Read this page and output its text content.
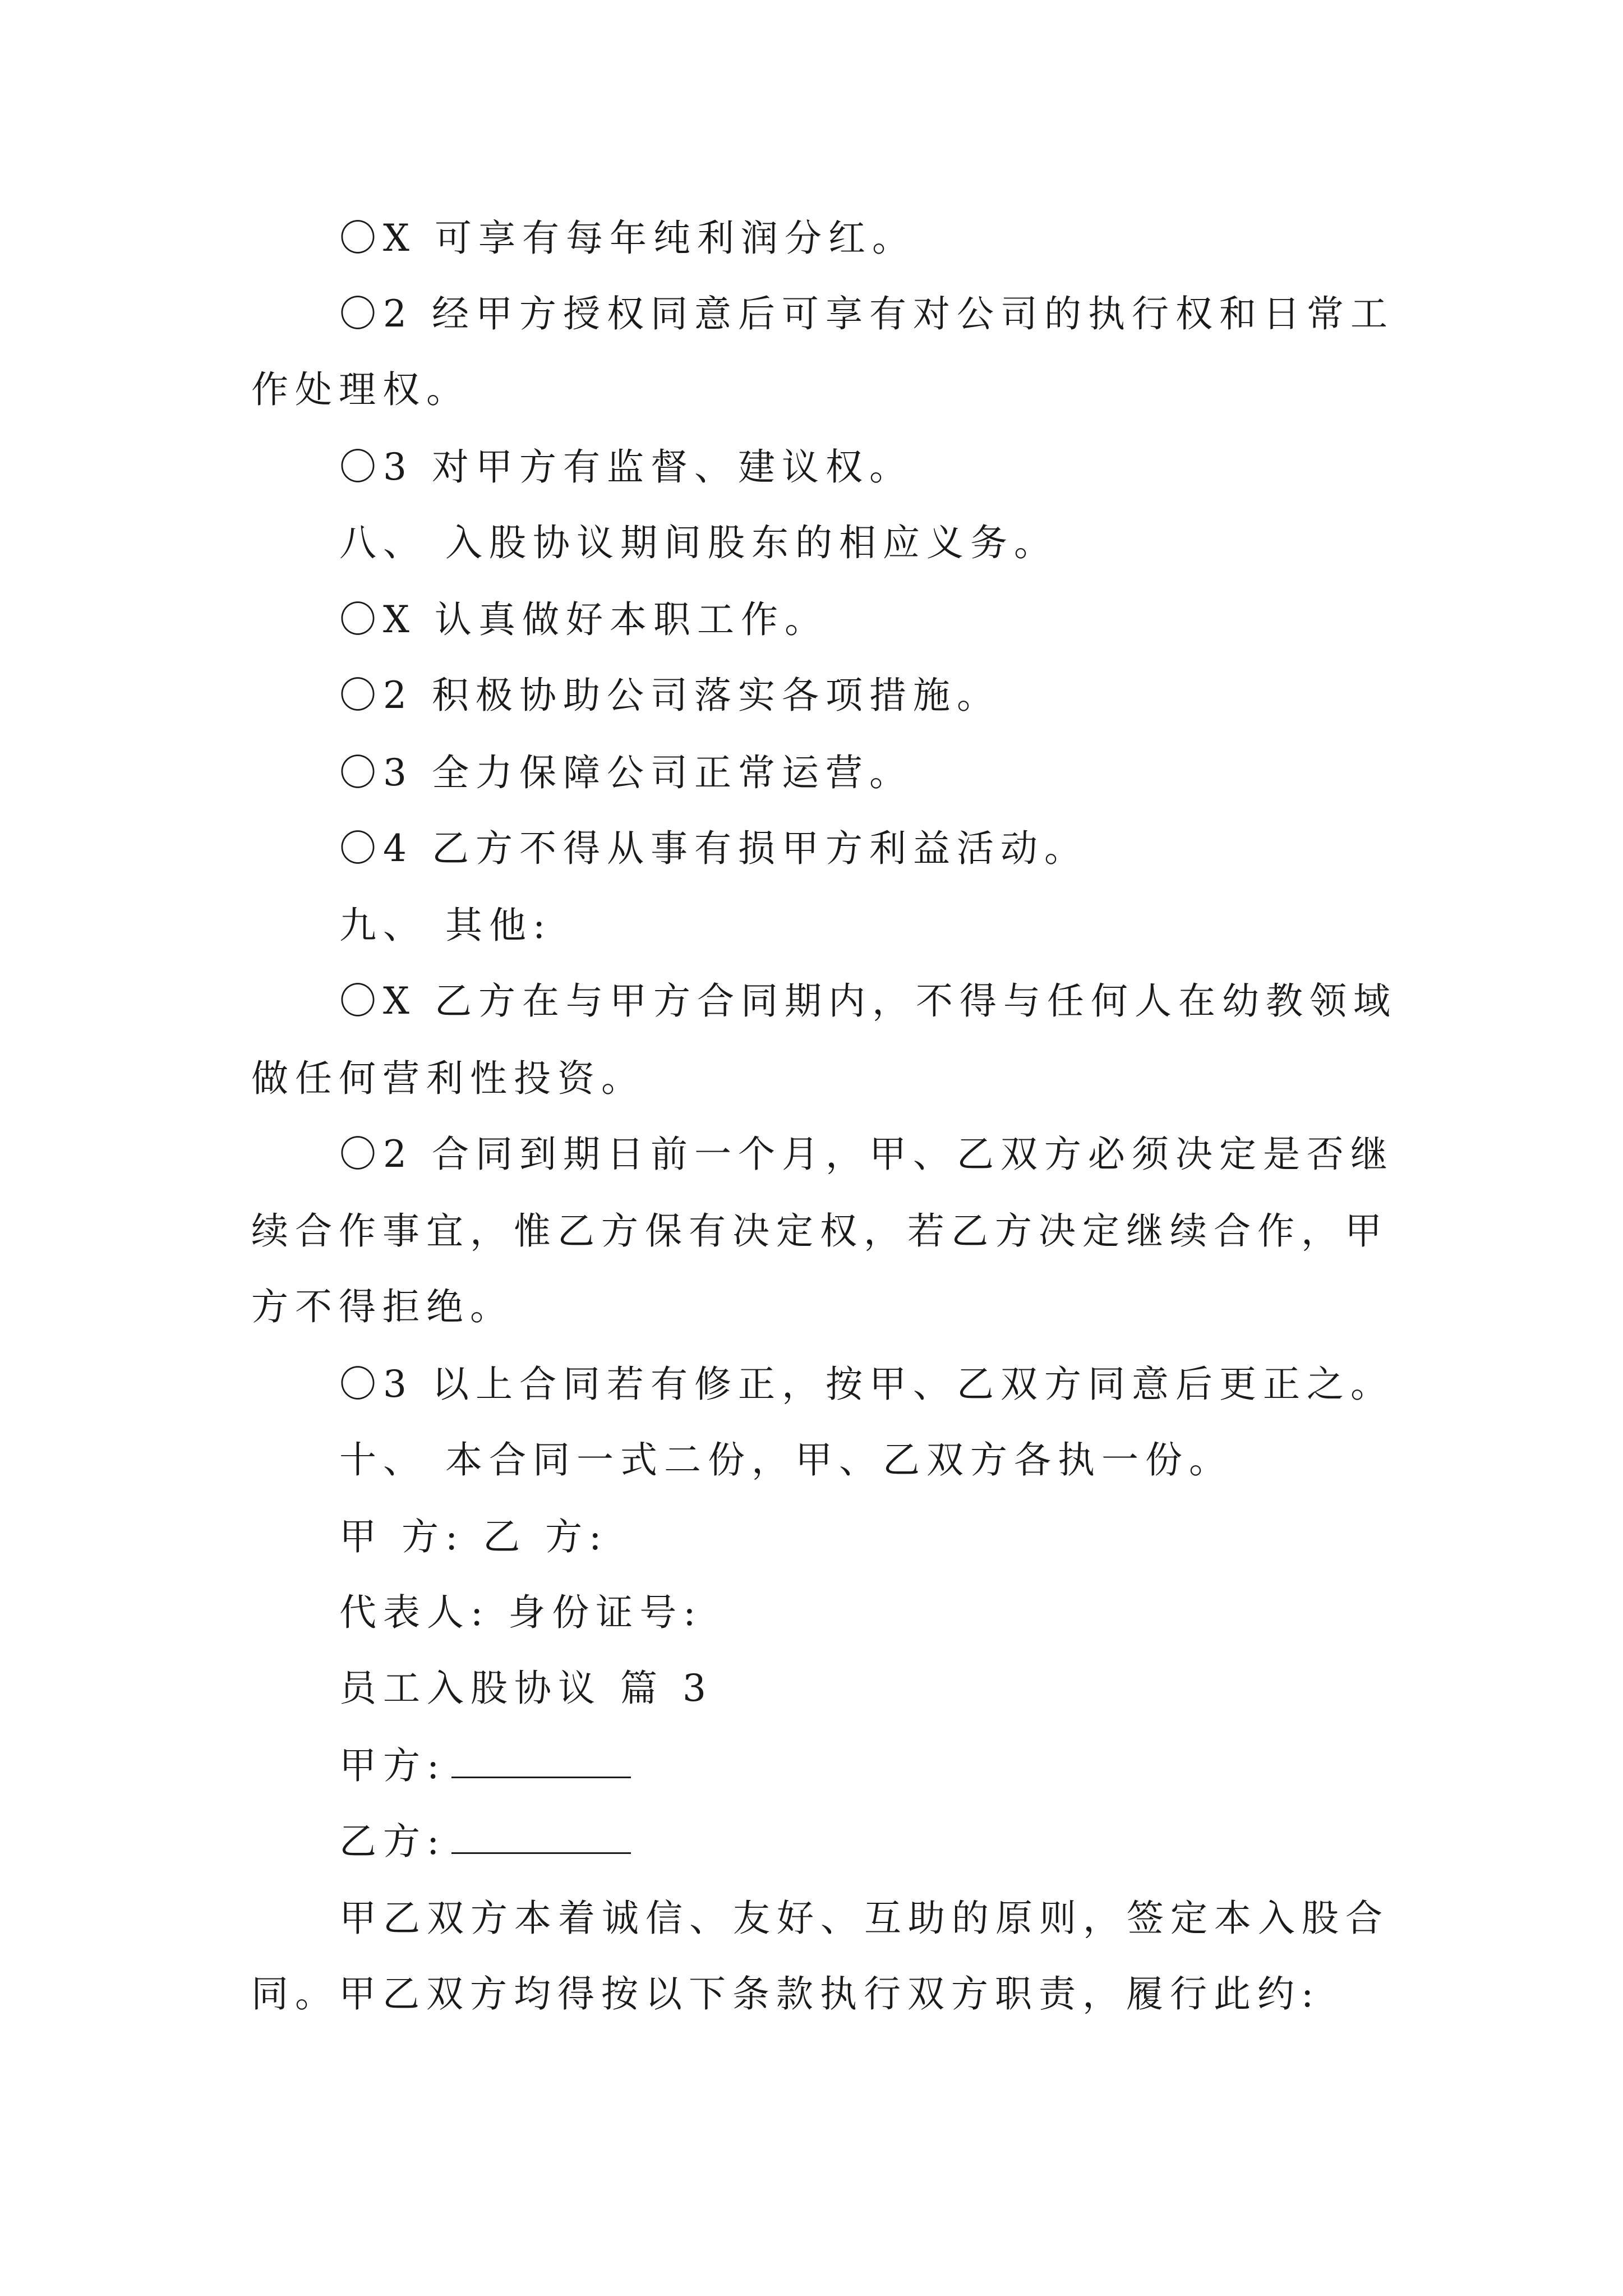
〇X 可享有每年纯利润分红。
〇2 经甲方授权同意后可享有对公司的执行权和日常工
作处理权。
〇3 对甲方有监督、建议权。
八、 入股协议期间股东的相应义务。
〇X 认真做好本职工作。
〇2 积极协助公司落实各项措施。
〇3 全力保障公司正常运营。
〇4 乙方不得从事有损甲方利益活动。
九、 其他:
〇X 乙方在与甲方合同期内，不得与任何人在幼教领域
做任何营利性投资。
〇2 合同到期日前一个月，甲、乙双方必须决定是否继
续合作事宜，惟乙方保有决定权，若乙方决定继续合作，甲
方不得拒绝。
〇3 以上合同若有修正，按甲、乙双方同意后更正之。
十、 本合同一式二份，甲、乙双方各执一份。
甲 方: 乙 方:
代表人: 身份证号:
员工入股协议 篇 3
甲方:
乙方:
甲乙双方本着诚信、友好、互助的原则，签定本入股合
同。甲乙双方均得按以下条款执行双方职责，履行此约:
